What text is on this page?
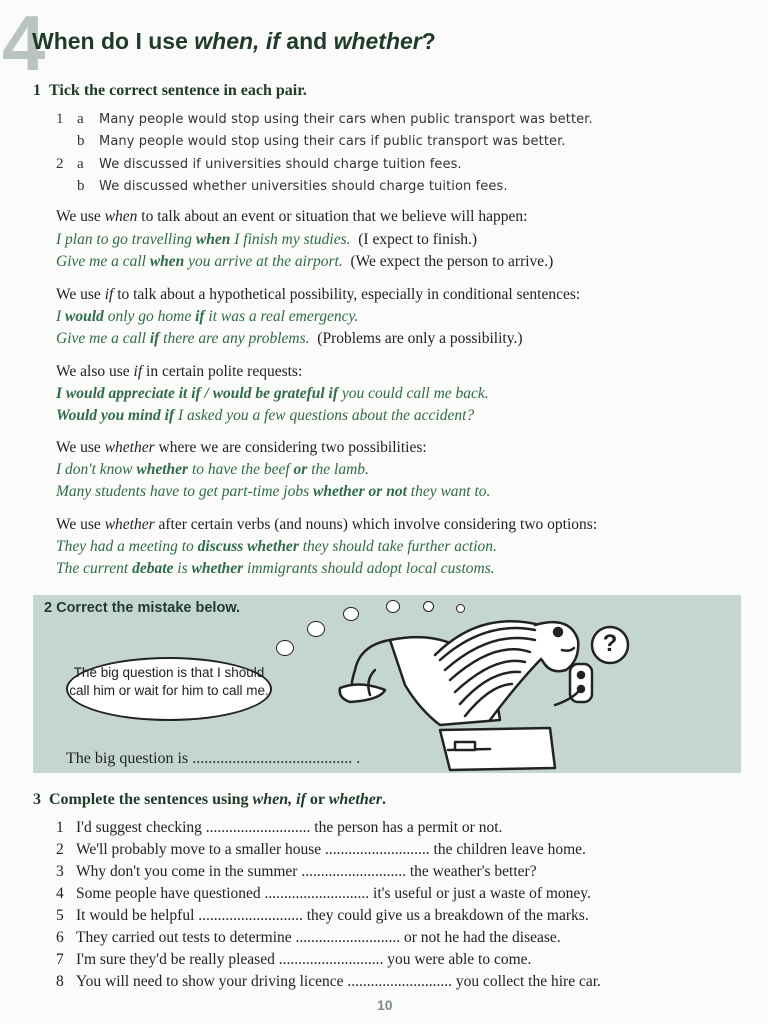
4
When do I use when, if and whether?
1 Tick the correct sentence in each pair.
1 a Many people would stop using their cars when public transport was better.
b Many people would stop using their cars if public transport was better.
2 a We discussed if universities should charge tuition fees.
b We discussed whether universities should charge tuition fees.
We use when to talk about an event or situation that we believe will happen:
I plan to go travelling when I finish my studies. (I expect to finish.)
Give me a call when you arrive at the airport. (We expect the person to arrive.)
We use if to talk about a hypothetical possibility, especially in conditional sentences:
I would only go home if it was a real emergency.
Give me a call if there are any problems. (Problems are only a possibility.)
We also use if in certain polite requests:
I would appreciate it if / would be grateful if you could call me back.
Would you mind if I asked you a few questions about the accident?
We use whether where we are considering two possibilities:
I don't know whether to have the beef or the lamb.
Many students have to get part-time jobs whether or not they want to.
We use whether after certain verbs (and nouns) which involve considering two options:
They had a meeting to discuss whether they should take further action.
The current debate is whether immigrants should adopt local customs.
2 Correct the mistake below.
The big question is that I should call him or wait for him to call me.
?
The big question is ........................................ .
3 Complete the sentences using when, if or whether.
1 I'd suggest checking ........................... the person has a permit or not.
2 We'll probably move to a smaller house ........................... the children leave home.
3 Why don't you come in the summer ........................... the weather's better?
4 Some people have questioned ........................... it's useful or just a waste of money.
5 It would be helpful ........................... they could give us a breakdown of the marks.
6 They carried out tests to determine ........................... or not he had the disease.
7 I'm sure they'd be really pleased ........................... you were able to come.
8 You will need to show your driving licence ........................... you collect the hire car.
10
